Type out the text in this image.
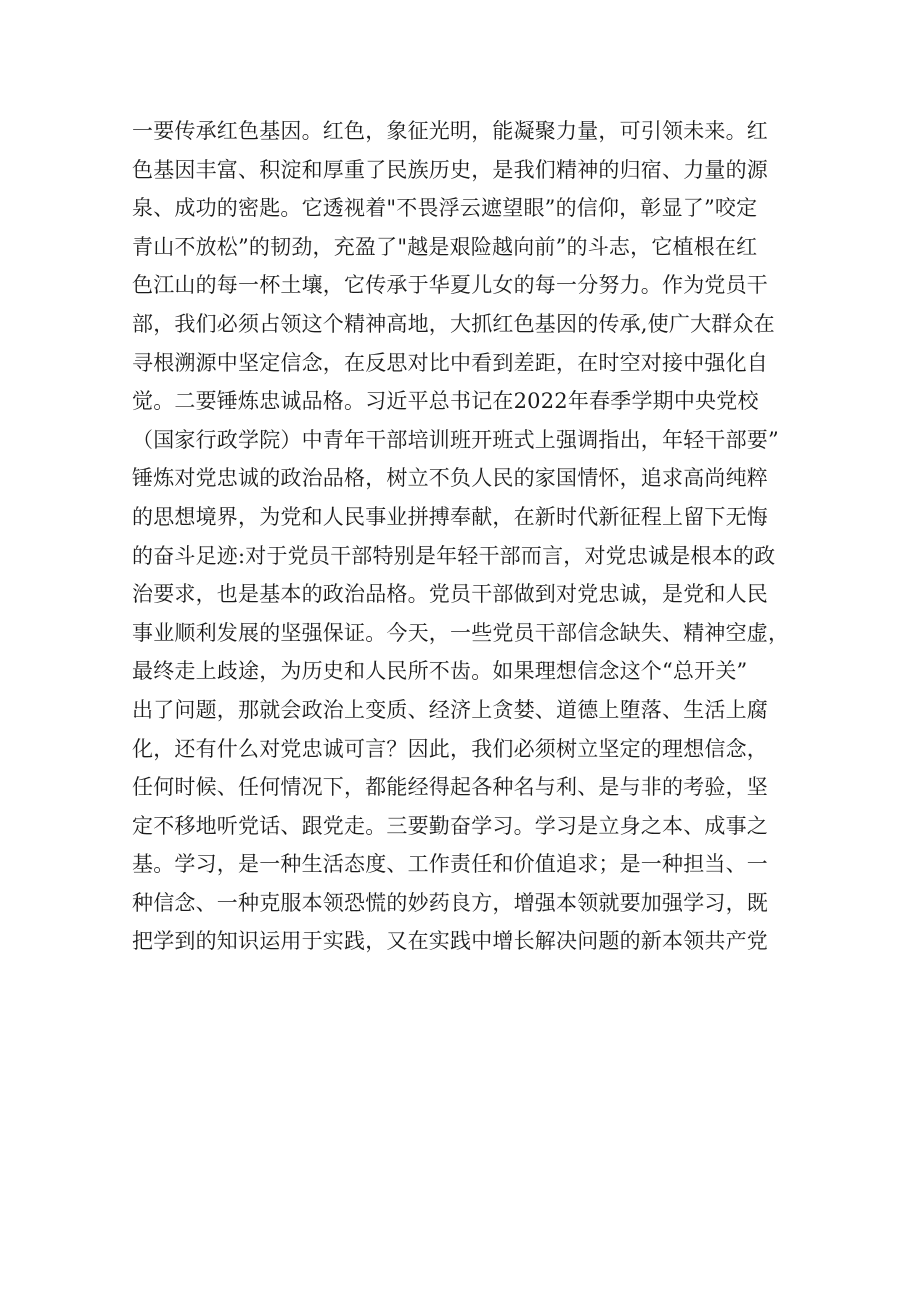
一要传承红色基因。红色，象征光明，能凝聚力量，可引领未来。红
色基因丰富、积淀和厚重了民族历史，是我们精神的归宿、力量的源
泉、成功的密匙。它透视着"不畏浮云遮望眼”的信仰，彰显了”咬定
青山不放松”的韧劲，充盈了"越是艰险越向前”的斗志，它植根在红
色江山的每一杯土壤，它传承于华夏儿女的每一分努力。作为党员干
部，我们必须占领这个精神高地，大抓红色基因的传承,使广大群众在
寻根溯源中坚定信念，在反思对比中看到差距，在时空对接中强化自
觉。二要锤炼忠诚品格。习近平总书记在2022年春季学期中央党校
（国家行政学院）中青年干部培训班开班式上强调指出，年轻干部要”
锤炼对党忠诚的政治品格，树立不负人民的家国情怀，追求高尚纯粹
的思想境界，为党和人民事业拼搏奉献，在新时代新征程上留下无悔
的奋斗足迹:对于党员干部特别是年轻干部而言，对党忠诚是根本的政
治要求，也是基本的政治品格。党员干部做到对党忠诚，是党和人民
事业顺利发展的坚强保证。今天，一些党员干部信念缺失、精神空虚，
最终走上歧途，为历史和人民所不齿。如果理想信念这个“总开关”
出了问题，那就会政治上变质、经济上贪婪、道德上堕落、生活上腐
化，还有什么对党忠诚可言？因此，我们必须树立坚定的理想信念，
任何时候、任何情况下，都能经得起各种名与利、是与非的考验，坚
定不移地听党话、跟党走。三要勤奋学习。学习是立身之本、成事之
基。学习，是一种生活态度、工作责任和价值追求；是一种担当、一
种信念、一种克服本领恐慌的妙药良方，增强本领就要加强学习，既
把学到的知识运用于实践，又在实践中增长解决问题的新本领共产党
